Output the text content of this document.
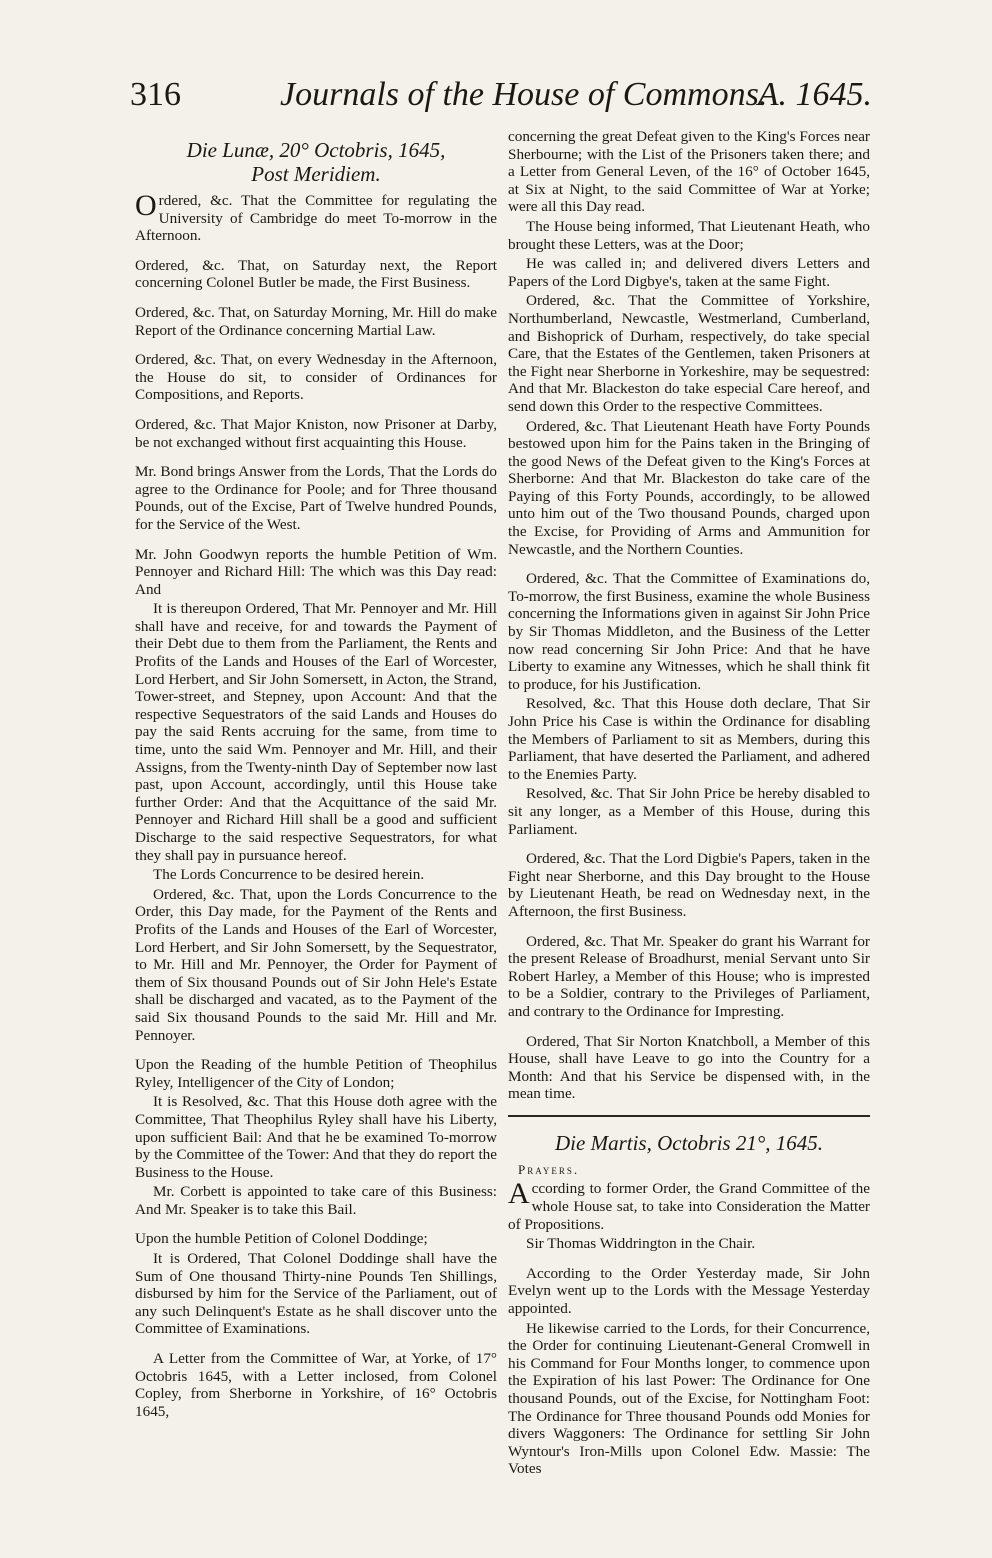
316	Journals of the House of Commons.
A. 1645.
Die Lunæ, 20° Octobris, 1645,
Post Meridiem.

Ordered, &c. That the Committee for regulating the University of Cambridge do meet To-morrow in the Afternoon.

Ordered, &c. That, on Saturday next, the Report concerning Colonel Butler be made, the First Business.

Ordered, &c. That, on Saturday Morning, Mr. Hill do make Report of the Ordinance concerning Martial Law.

Ordered, &c. That, on every Wednesday in the Afternoon, the House do sit, to consider of Ordinances for Compositions, and Reports.

Ordered, &c. That Major Kniston, now Prisoner at Darby, be not exchanged without first acquainting this House.

Mr. Bond brings Answer from the Lords, That the Lords do agree to the Ordinance for Poole; and for Three thousand Pounds, out of the Excise, Part of Twelve hundred Pounds, for the Service of the West.

Mr. John Goodwyn reports the humble Petition of Wm. Pennoyer and Richard Hill: The which was this Day read: And

It is thereupon Ordered, That Mr. Pennoyer and Mr. Hill shall have and receive, for and towards the Payment of their Debt due to them from the Parliament, the Rents and Profits of the Lands and Houses of the Earl of Worcester, Lord Herbert, and Sir John Somersett, in Acton, the Strand, Tower-street, and Stepney, upon Account: And that the respective Sequestrators of the said Lands and Houses do pay the said Rents accruing for the same, from time to time, unto the said Wm. Pennoyer and Mr. Hill, and their Assigns, from the Twenty-ninth Day of September now last past, upon Account, accordingly, until this House take further Order: And that the Acquittance of the said Mr. Pennoyer and Richard Hill shall be a good and sufficient Discharge to the said respective Sequestrators, for what they shall pay in pursuance hereof.

The Lords Concurrence to be desired herein.

Ordered, &c. That, upon the Lords Concurrence to the Order, this Day made, for the Payment of the Rents and Profits of the Lands and Houses of the Earl of Worcester, Lord Herbert, and Sir John Somersett, by the Sequestrator, to Mr. Hill and Mr. Pennoyer, the Order for Payment of them of Six thousand Pounds out of Sir John Hele's Estate shall be discharged and vacated, as to the Payment of the said Six thousand Pounds to the said Mr. Hill and Mr. Pennoyer.

Upon the Reading of the humble Petition of Theophilus Ryley, Intelligencer of the City of London;

It is Resolved, &c. That this House doth agree with the Committee, That Theophilus Ryley shall have his Liberty, upon sufficient Bail: And that he be examined To-morrow by the Committee of the Tower: And that they do report the Business to the House.

Mr. Corbett is appointed to take care of this Business: And Mr. Speaker is to take this Bail.

Upon the humble Petition of Colonel Doddinge;

It is Ordered, That Colonel Doddinge shall have the Sum of One thousand Thirty-nine Pounds Ten Shillings, disbursed by him for the Service of the Parliament, out of any such Delinquent's Estate as he shall discover unto the Committee of Examinations.

A Letter from the Committee of War, at Yorke, of 17° Octobris 1645, with a Letter inclosed, from Colonel Copley, from Sherborne in Yorkshire, of 16° Octobris 1645,

concerning the great Defeat given to the King's Forces near Sherbourne; with the List of the Prisoners taken there; and a Letter from General Leven, of the 16° of October 1645, at Six at Night, to the said Committee of War at Yorke; were all this Day read.

The House being informed, That Lieutenant Heath, who brought these Letters, was at the Door;

He was called in; and delivered divers Letters and Papers of the Lord Digbye's, taken at the same Fight.

Ordered, &c. That the Committee of Yorkshire, Northumberland, Newcastle, Westmerland, Cumberland, and Bishoprick of Durham, respectively, do take special Care, that the Estates of the Gentlemen, taken Prisoners at the Fight near Sherborne in Yorkeshire, may be sequestred: And that Mr. Blackeston do take especial Care hereof, and send down this Order to the respective Committees.

Ordered, &c. That Lieutenant Heath have Forty Pounds bestowed upon him for the Pains taken in the Bringing of the good News of the Defeat given to the King's Forces at Sherborne: And that Mr. Blackeston do take care of the Paying of this Forty Pounds, accordingly, to be allowed unto him out of the Two thousand Pounds, charged upon the Excise, for Providing of Arms and Ammunition for Newcastle, and the Northern Counties.

Ordered, &c. That the Committee of Examinations do, To-morrow, the first Business, examine the whole Business concerning the Informations given in against Sir John Price by Sir Thomas Middleton, and the Business of the Letter now read concerning Sir John Price: And that he have Liberty to examine any Witnesses, which he shall think fit to produce, for his Justification.

Resolved, &c. That this House doth declare, That Sir John Price his Case is within the Ordinance for disabling the Members of Parliament to sit as Members, during this Parliament, that have deserted the Parliament, and adhered to the Enemies Party.

Resolved, &c. That Sir John Price be hereby disabled to sit any longer, as a Member of this House, during this Parliament.

Ordered, &c. That the Lord Digbie's Papers, taken in the Fight near Sherborne, and this Day brought to the House by Lieutenant Heath, be read on Wednesday next, in the Afternoon, the first Business.

Ordered, &c. That Mr. Speaker do grant his Warrant for the present Release of Broadhurst, menial Servant unto Sir Robert Harley, a Member of this House; who is imprested to be a Soldier, contrary to the Privileges of Parliament, and contrary to the Ordinance for Impresting.

Ordered, That Sir Norton Knatchboll, a Member of this House, shall have Leave to go into the Country for a Month: And that his Service be dispensed with, in the mean time.

Die Martis, Octobris 21°, 1645.
Prayers.

According to former Order, the Grand Committee of the whole House sat, to take into Consideration the Matter of Propositions.

Sir Thomas Widdrington in the Chair.

According to the Order Yesterday made, Sir John Evelyn went up to the Lords with the Message Yesterday appointed.

He likewise carried to the Lords, for their Concurrence, the Order for continuing Lieutenant-General Cromwell in his Command for Four Months longer, to commence upon the Expiration of his last Power: The Ordinance for One thousand Pounds, out of the Excise, for Nottingham Foot: The Ordinance for Three thousand Pounds odd Monies for divers Waggoners: The Ordinance for settling Sir John Wyntour's Iron-Mills upon Colonel Edw. Massie: The Votes
